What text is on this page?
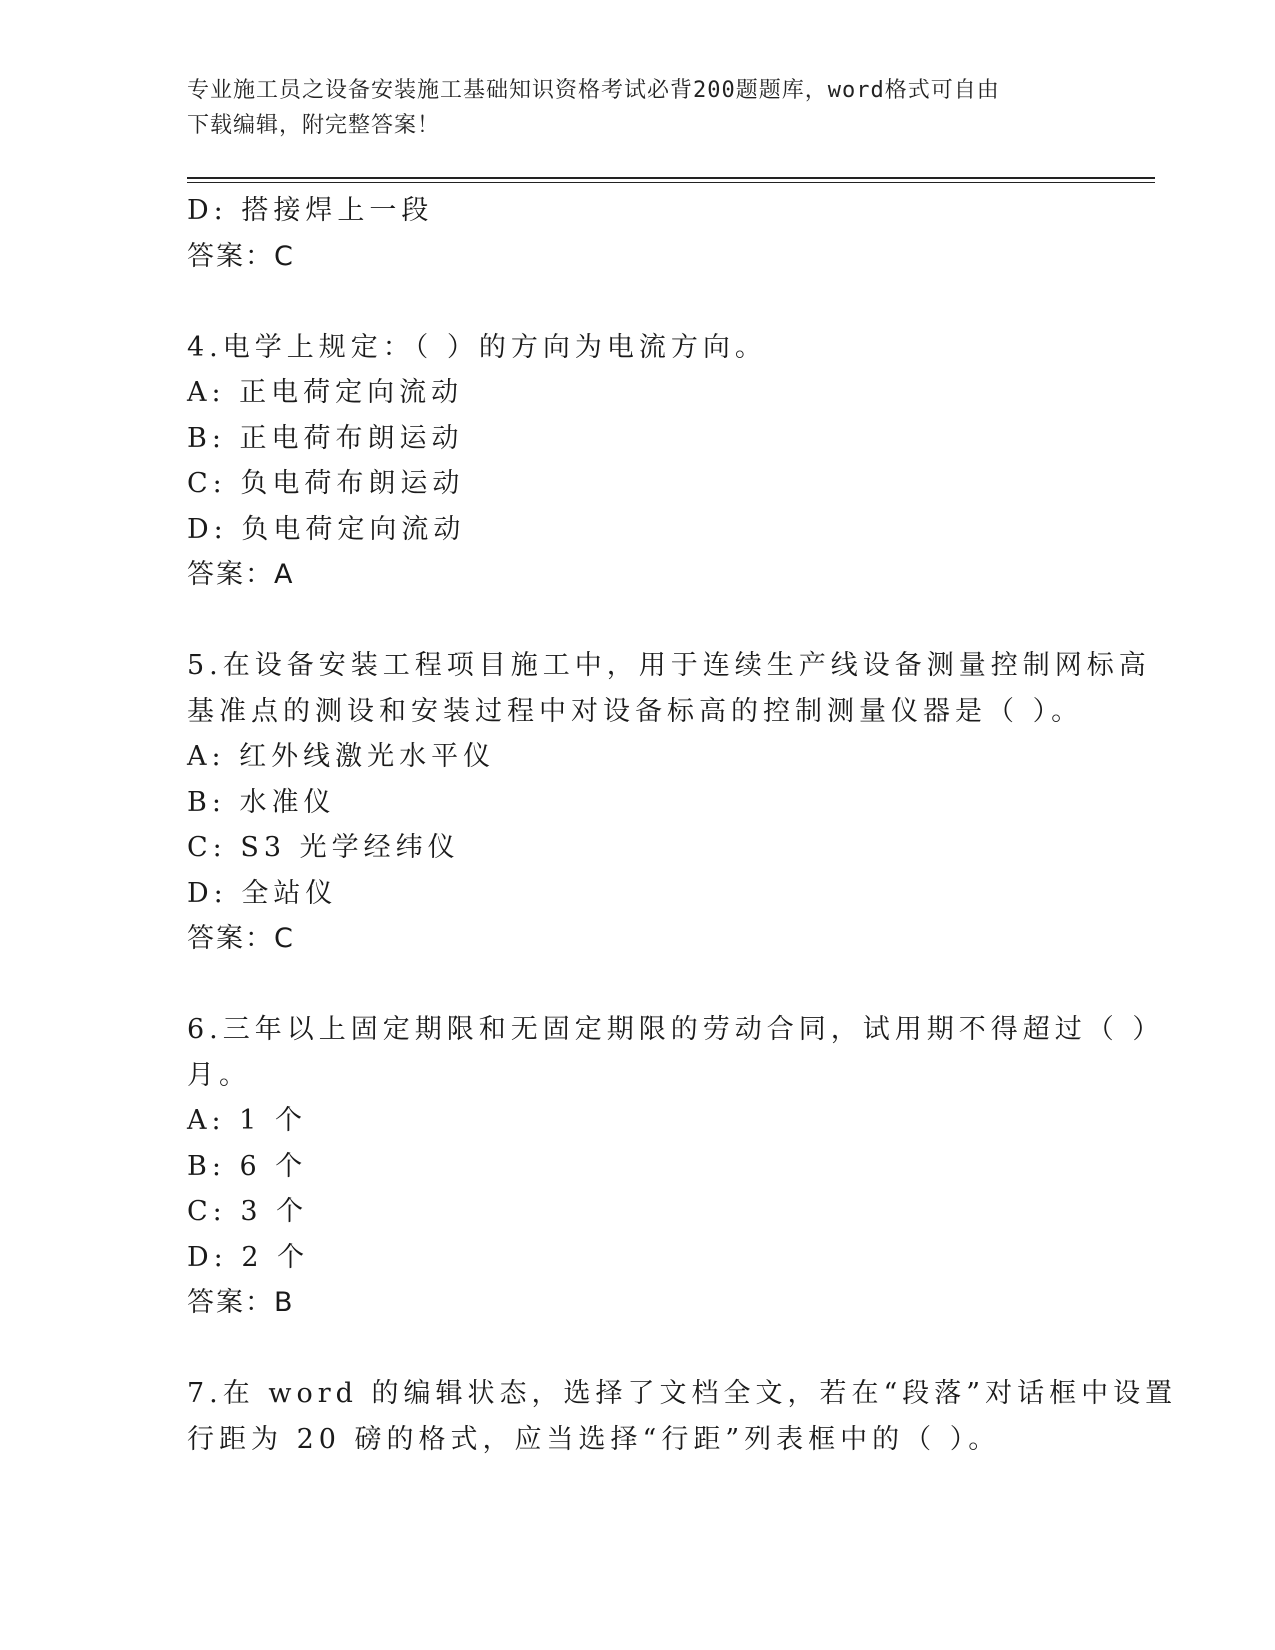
专业施工员之设备安装施工基础知识资格考试必背200题题库，word格式可自由
下载编辑，附完整答案！
D: 搭接焊上一段
答案：C
4.电学上规定：（ ）的方向为电流方向。
A: 正电荷定向流动
B: 正电荷布朗运动
C: 负电荷布朗运动
D: 负电荷定向流动
答案：A
5.在设备安装工程项目施工中，用于连续生产线设备测量控制网标高
基准点的测设和安装过程中对设备标高的控制测量仪器是（ ）。
A: 红外线激光水平仪
B: 水准仪
C: S3 光学经纬仪
D: 全站仪
答案：C
6.三年以上固定期限和无固定期限的劳动合同，试用期不得超过（ ）
月。
A: 1 个
B: 6 个
C: 3 个
D: 2 个
答案：B
7.在 word 的编辑状态，选择了文档全文，若在“段落”对话框中设置
行距为 20 磅的格式，应当选择“行距”列表框中的（ ）。
